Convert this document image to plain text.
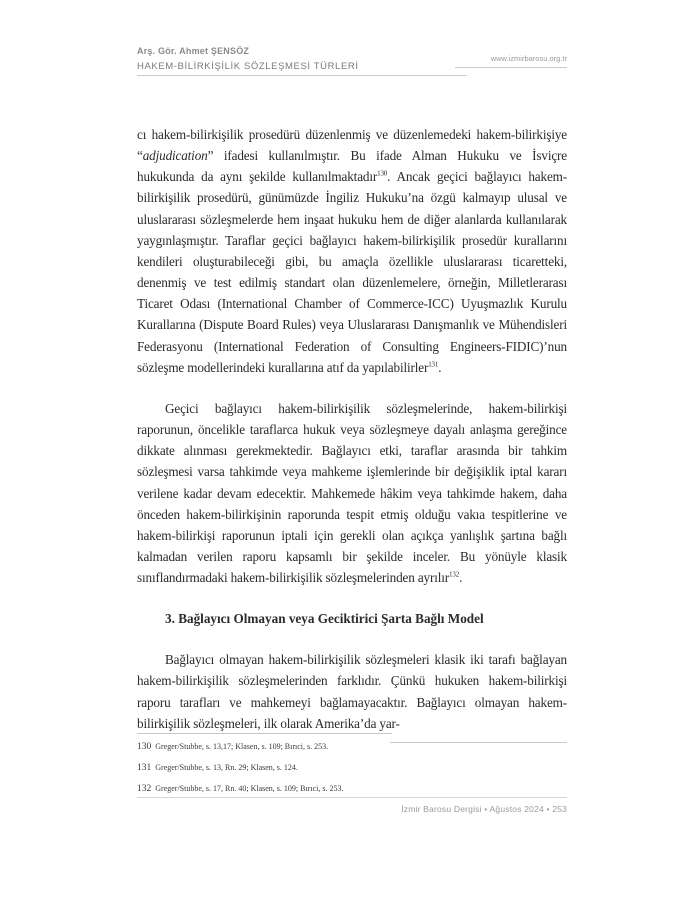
Arş. Gör. Ahmet ŞENSÖZ
HAKEM-BİLİRKİŞİLİK SÖZLEŞMESİ TÜRLERİ
www.izmirbarosu.org.tr

cı hakem-bilirkişilik prosedürü düzenlenmiş ve düzenlemedeki hakem-bilirkişiye “adjudication” ifadesi kullanılmıştır. Bu ifade Alman Hukuku ve İsviçre hukukunda da aynı şekilde kullanılmaktadır$^{130}$. Ancak geçici bağlayıcı hakem-bilirkişilik prosedürü, günümüzde İngiliz Hukuku’na özgü kalmayıp ulusal ve uluslararası sözleşmelerde hem inşaat hukuku hem de diğer alanlarda kullanılarak yaygınlaşmıştır. Taraflar geçici bağlayıcı hakem-bilirkişilik prosedür kurallarını kendileri oluşturabileceği gibi, bu amaçla özellikle uluslararası ticaretteki, denenmiş ve test edilmiş standart olan düzenlemelere, örneğin, Milletlerarası Ticaret Odası (International Chamber of Commerce-ICC) Uyuşmazlık Kurulu Kurallarına (Dispute Board Rules) veya Uluslararası Danışmanlık ve Mühendisleri Federasyonu (International Federation of Consulting Engineers-FIDIC)’nun sözleşme modellerindeki kurallarına atıf da yapılabilirler$^{131}$.

Geçici bağlayıcı hakem-bilirkişilik sözleşmelerinde, hakem-bilirkişi raporunun, öncelikle taraflarca hukuk veya sözleşmeye dayalı anlaşma gereğince dikkate alınması gerekmektedir. Bağlayıcı etki, taraflar arasında bir tahkim sözleşmesi varsa tahkimde veya mahkeme işlemlerinde bir değişiklik iptal kararı verilene kadar devam edecektir. Mahkemede hâkim veya tahkimde hakem, daha önceden hakem-bilirkişinin raporunda tespit etmiş olduğu vakıa tespitlerine ve hakem-bilirkişi raporunun iptali için gerekli olan açıkça yanlışlık şartına bağlı kalmadan verilen raporu kapsamlı bir şekilde inceler. Bu yönüyle klasik sınıflandırmadaki hakem-bilirkişilik sözleşmelerinden ayrılır$^{132}$.

3. Bağlayıcı Olmayan veya Geciktirici Şarta Bağlı Model

Bağlayıcı olmayan hakem-bilirkişilik sözleşmeleri klasik iki tarafı bağlayan hakem-bilirkişilik sözleşmelerinden farklıdır. Çünkü hukuken hakem-bilirkişi raporu tarafları ve mahkemeyi bağlamayacaktır. Bağlayıcı olmayan hakem-bilirkişilik sözleşmeleri, ilk olarak Amerika’da yar-

130 Greger/Stubbe, s. 13,17; Klasen, s. 109; Bırıci, s. 253.

131 Greger/Stubbe, s. 13, Rn. 29; Klasen, s. 124.

132 Greger/Stubbe, s. 17, Rn. 40; Klasen, s. 109; Bırıci, s. 253.

İzmir Barosu Dergisi • Ağustos 2024 • 253
